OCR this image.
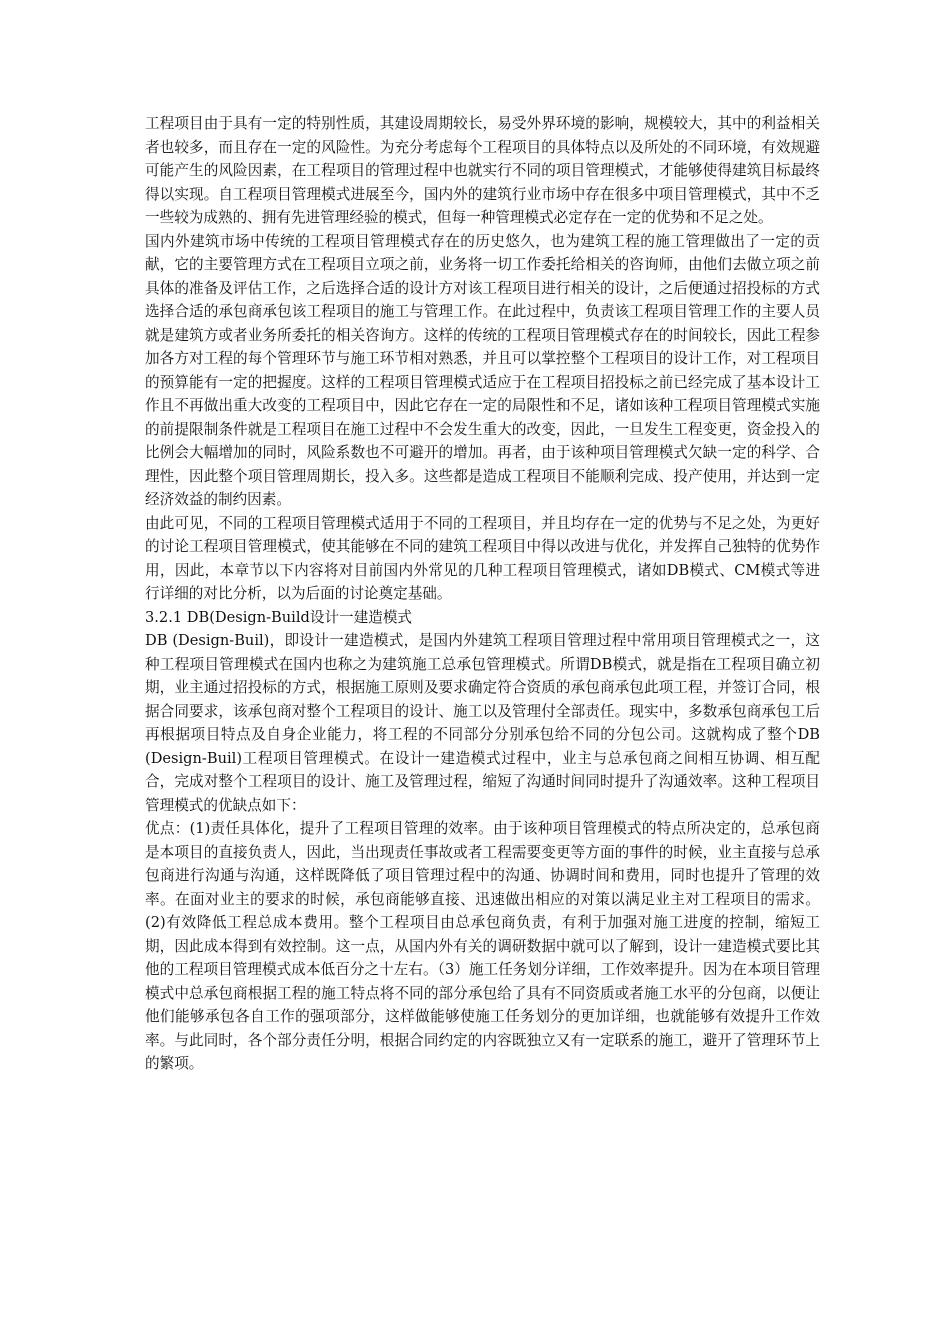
工程项目由于具有一定的特别性质，其建设周期较长，易受外界环境的影响，规模较大，其中的利益相关者也较多，而且存在一定的风险性。为充分考虑每个工程项目的具体特点以及所处的不同环境，有效规避可能产生的风险因素，在工程项目的管理过程中也就实行不同的项目管理模式，才能够使得建筑目标最终得以实现。自工程项目管理模式进展至今，国内外的建筑行业市场中存在很多中项目管理模式，其中不乏一些较为成熟的、拥有先进管理经验的模式，但每一种管理模式必定存在一定的优势和不足之处。

国内外建筑市场中传统的工程项目管理模式存在的历史悠久，也为建筑工程的施工管理做出了一定的贡献，它的主要管理方式在工程项目立项之前，业务将一切工作委托给相关的咨询师，由他们去做立项之前具体的准备及评估工作，之后选择合适的设计方对该工程项目进行相关的设计，之后便通过招投标的方式选择合适的承包商承包该工程项目的施工与管理工作。在此过程中，负责该工程项目管理工作的主要人员就是建筑方或者业务所委托的相关咨询方。这样的传统的工程项目管理模式存在的时间较长，因此工程参加各方对工程的每个管理环节与施工环节相对熟悉，并且可以掌控整个工程项目的设计工作，对工程项目的预算能有一定的把握度。这样的工程项目管理模式适应于在工程项目招投标之前已经完成了基本设计工作且不再做出重大改变的工程项目中，因此它存在一定的局限性和不足，诸如该种工程项目管理模式实施的前提限制条件就是工程项目在施工过程中不会发生重大的改变，因此，一旦发生工程变更，资金投入的比例会大幅增加的同时，风险系数也不可避开的增加。再者，由于该种项目管理模式欠缺一定的科学、合理性，因此整个项目管理周期长，投入多。这些都是造成工程项目不能顺利完成、投产使用，并达到一定经济效益的制约因素。

由此可见，不同的工程项目管理模式适用于不同的工程项目，并且均存在一定的优势与不足之处，为更好的讨论工程项目管理模式，使其能够在不同的建筑工程项目中得以改进与优化，并发挥自己独特的优势作用，因此，本章节以下内容将对目前国内外常见的几种工程项目管理模式，诸如DB模式、CM模式等进行详细的对比分析，以为后面的讨论奠定基础。

3.2.1 DB(Design-Build设计一建造模式

DB (Design-Buil)，即设计一建造模式，是国内外建筑工程项目管理过程中常用项目管理模式之一，这种工程项目管理模式在国内也称之为建筑施工总承包管理模式。所谓DB模式，就是指在工程项目确立初期，业主通过招投标的方式，根据施工原则及要求确定符合资质的承包商承包此项工程，并签订合同，根据合同要求，该承包商对整个工程项目的设计、施工以及管理付全部责任。现实中，多数承包商承包工后再根据项目特点及自身企业能力，将工程的不同部分分别承包给不同的分包公司。这就构成了整个DB (Design-Buil)工程项目管理模式。在设计一建造模式过程中，业主与总承包商之间相互协调、相互配合，完成对整个工程项目的设计、施工及管理过程，缩短了沟通时间同时提升了沟通效率。这种工程项目管理模式的优缺点如下：

优点：(1)责任具体化，提升了工程项目管理的效率。由于该种项目管理模式的特点所决定的，总承包商是本项目的直接负责人，因此，当出现责任事故或者工程需要变更等方面的事件的时候，业主直接与总承包商进行沟通与沟通，这样既降低了项目管理过程中的沟通、协调时间和费用，同时也提升了管理的效率。在面对业主的要求的时候，承包商能够直接、迅速做出相应的对策以满足业主对工程项目的需求。(2)有效降低工程总成本费用。整个工程项目由总承包商负责，有利于加强对施工进度的控制，缩短工期，因此成本得到有效控制。这一点，从国内外有关的调研数据中就可以了解到，设计一建造模式要比其他的工程项目管理模式成本低百分之十左右。（3）施工任务划分详细，工作效率提升。因为在本项目管理模式中总承包商根据工程的施工特点将不同的部分承包给了具有不同资质或者施工水平的分包商，以便让他们能够承包各自工作的强项部分，这样做能够使施工任务划分的更加详细，也就能够有效提升工作效率。与此同时，各个部分责任分明，根据合同约定的内容既独立又有一定联系的施工，避开了管理环节上的繁项。
